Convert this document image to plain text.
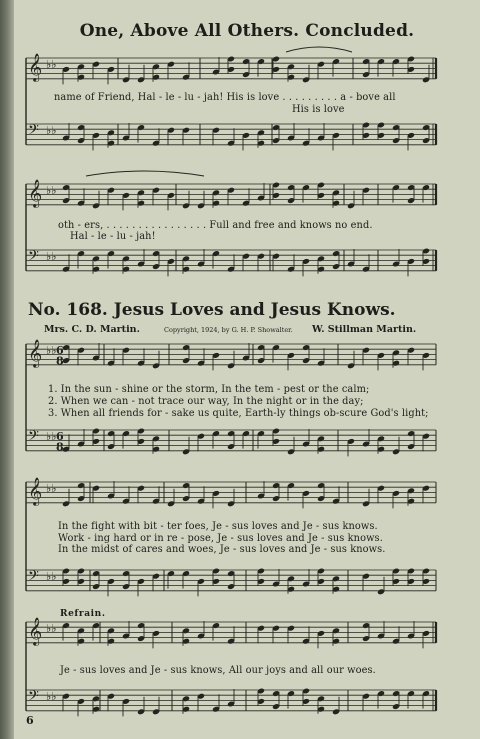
𝄞 ♭♭
𝄢 ♭♭
𝄞 ♭♭
𝄢 ♭♭
𝄞 ♭♭
𝄢 ♭♭
𝄞 ♭♭
𝄢 ♭♭
𝄞 ♭♭
𝄢 ♭♭
6
8
6
8
One, Above All Others. Concluded.
name of Friend, Hal - le - lu - jah! His is love . . . . . . . . . a - bove all
His is love
oth - ers, . . . . . . . . . . . . . . . . Full and free and knows no end.
Hal - le - lu - jah!
No. 168. Jesus Loves and Jesus Knows.
Mrs. C. D. Martin.	Copyright, 1924, by G. H. P. Showalter. W. Stillman Martin.
1. In the sun - shine or the storm, In the tem - pest or the calm;
2. When we can - not trace our way, In the night or in the day;
3. When all friends for - sake us quite, Earth-ly things ob-scure God's light;
In the fight with bit - ter foes, Je - sus loves and Je - sus knows.
Work - ing hard or in re - pose, Je - sus loves and Je - sus knows.
In the midst of cares and woes, Je - sus loves and Je - sus knows.
Refrain.
Je - sus loves and Je - sus knows, All our joys and all our woes.
6
